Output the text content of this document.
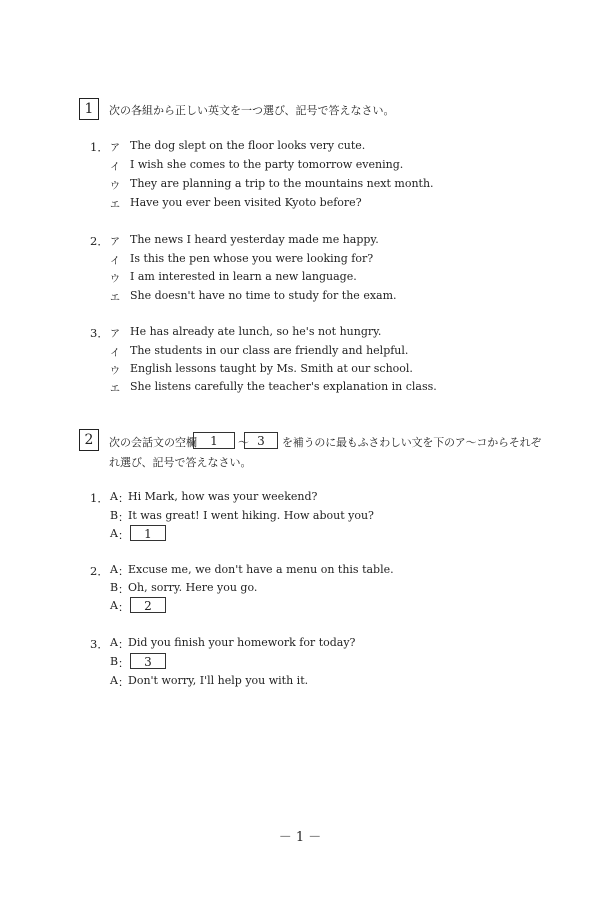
1	次の各組から正しい英文を一つ選び、記号で答えなさい。
1． ア The dog slept on the floor looks very cute.
イ I wish she comes to the party tomorrow evening.
ウ They are planning a trip to the mountains next month.
エ Have you ever been visited Kyoto before?
2． ア The news I heard yesterday made me happy.
イ Is this the pen whose you were looking for?
ウ I am interested in learn a new language.
エ She doesn't have no time to study for the exam.
3． ア He has already ate lunch, so he's not hungry.
イ The students in our class are friendly and helpful.
ウ English lessons taught by Ms. Smith at our school.
エ She listens carefully the teacher's explanation in class.
2	次の会話文の空欄	1	～ 3	を補うのに最もふさわしい文を下のア～コからそれぞ
れ選び、記号で答えなさい。
1． A ： Hi Mark, how was your weekend?
B ： It was great! I went hiking. How about you?
A ：	1
2． A ： Excuse me, we don't have a menu on this table.
B ： Oh, sorry. Here you go.
A ：	2
3． A ： Did you finish your homework for today?
B ：	3
A ： Don't worry, I'll help you with it.
－ 1 －
